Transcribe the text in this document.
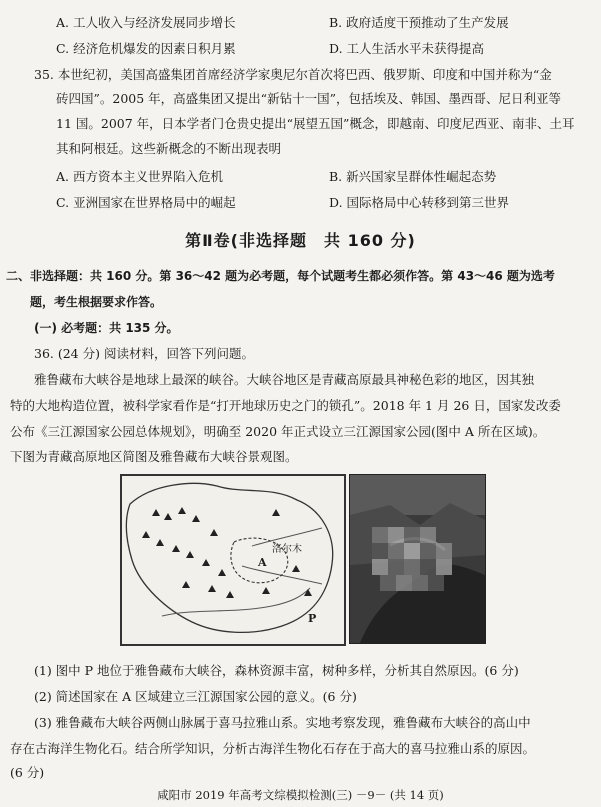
A. 工人收入与经济发展同步增长	B. 政府适度干预推动了生产发展
C. 经济危机爆发的因素日积月累	D. 工人生活水平未获得提高
35. 本世纪初，美国高盛集团首席经济学家奥尼尔首次将巴西、俄罗斯、印度和中国并称为“金
砖四国”。2005 年，高盛集团又提出“新钻十一国”，包括埃及、韩国、墨西哥、尼日利亚等
11 国。2007 年，日本学者门仓贵史提出“展望五国”概念，即越南、印度尼西亚、南非、土耳
其和阿根廷。这些新概念的不断出现表明
A. 西方资本主义世界陷入危机	B. 新兴国家呈群体性崛起态势
C. 亚洲国家在世界格局中的崛起	D. 国际格局中心转移到第三世界
第Ⅱ卷(非选择题　共 160 分)
二、非选择题：共 160 分。第 36～42 题为必考题，每个试题考生都必须作答。第 43～46 题为选考
题，考生根据要求作答。
(一) 必考题：共 135 分。
36. (24 分) 阅读材料，回答下列问题。
雅鲁藏布大峡谷是地球上最深的峡谷。大峡谷地区是青藏高原最具神秘色彩的地区，因其独
特的大地构造位置，被科学家看作是“打开地球历史之门的锁孔”。2018 年 1 月 26 日，国家发改委
公布《三江源国家公园总体规划》，明确至 2020 年正式设立三江源国家公园(图中 A 所在区域)。
下图为青藏高原地区简图及雅鲁藏布大峡谷景观图。
洛尔木
A
P
(1) 图中 P 地位于雅鲁藏布大峡谷，森林资源丰富，树种多样，分析其自然原因。(6 分)
(2) 简述国家在 A 区域建立三江源国家公园的意义。(6 分)
(3) 雅鲁藏布大峡谷两侧山脉属于喜马拉雅山系。实地考察发现，雅鲁藏布大峡谷的高山中
存在古海洋生物化石。结合所学知识，分析古海洋生物化石存在于高大的喜马拉雅山系的原因。
(6 分)
咸阳市 2019 年高考文综模拟检测(三) －9－ (共 14 页)
